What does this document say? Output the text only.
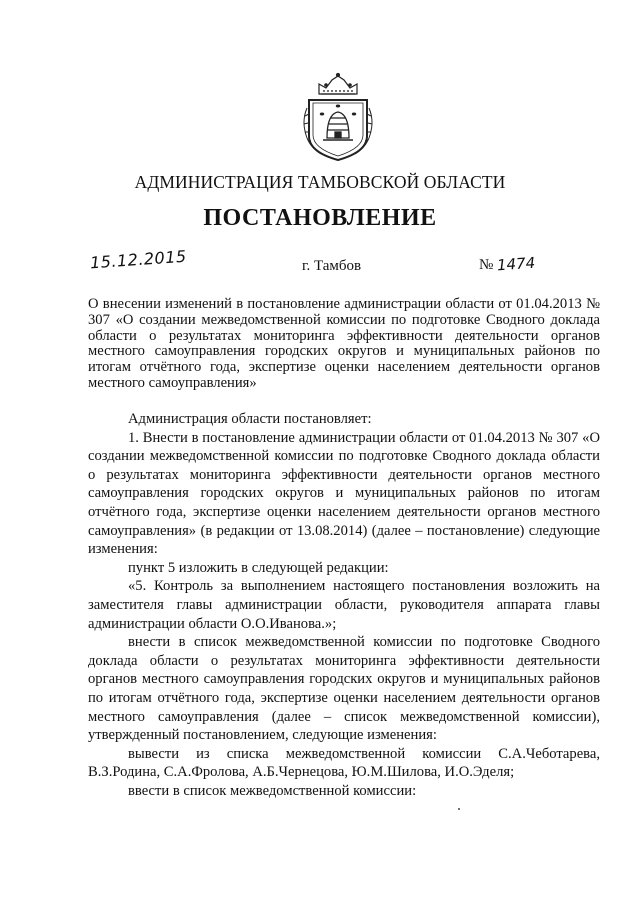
АДМИНИСТРАЦИЯ ТАМБОВСКОЙ ОБЛАСТИ
ПОСТАНОВЛЕНИЕ
15.12.2015	г. Тамбов	№ 1474
О внесении изменений в постановление администрации области от 01.04.2013 № 307 «О создании межведомственной комиссии по подготовке Сводного доклада области о результатах мониторинга эффективности деятельности органов местного самоуправления городских округов и муниципальных районов по итогам отчётного года, экспертизе оценки населением деятельности органов местного самоуправления»

Администрация области постановляет:

1. Внести в постановление администрации области от 01.04.2013 № 307 «О создании межведомственной комиссии по подготовке Сводного доклада области о результатах мониторинга эффективности деятельности органов местного самоуправления городских округов и муниципальных районов по итогам отчётного года, экспертизе оценки населением деятельности органов местного самоуправления» (в редакции от 13.08.2014) (далее – постановление) следующие изменения:

пункт 5 изложить в следующей редакции:

«5. Контроль за выполнением настоящего постановления возложить на заместителя главы администрации области, руководителя аппарата главы администрации области О.О.Иванова.»;

внести в список межведомственной комиссии по подготовке Сводного доклада области о результатах мониторинга эффективности деятельности органов местного самоуправления городских округов и муниципальных районов по итогам отчётного года, экспертизе оценки населением деятельности органов местного самоуправления (далее – список межведомственной комиссии), утвержденный постановлением, следующие изменения:

вывести из списка межведомственной комиссии С.А.Чеботарева, В.З.Родина, С.А.Фролова, А.Б.Чернецова, Ю.М.Шилова, И.О.Эделя;

ввести в список межведомственной комиссии:
